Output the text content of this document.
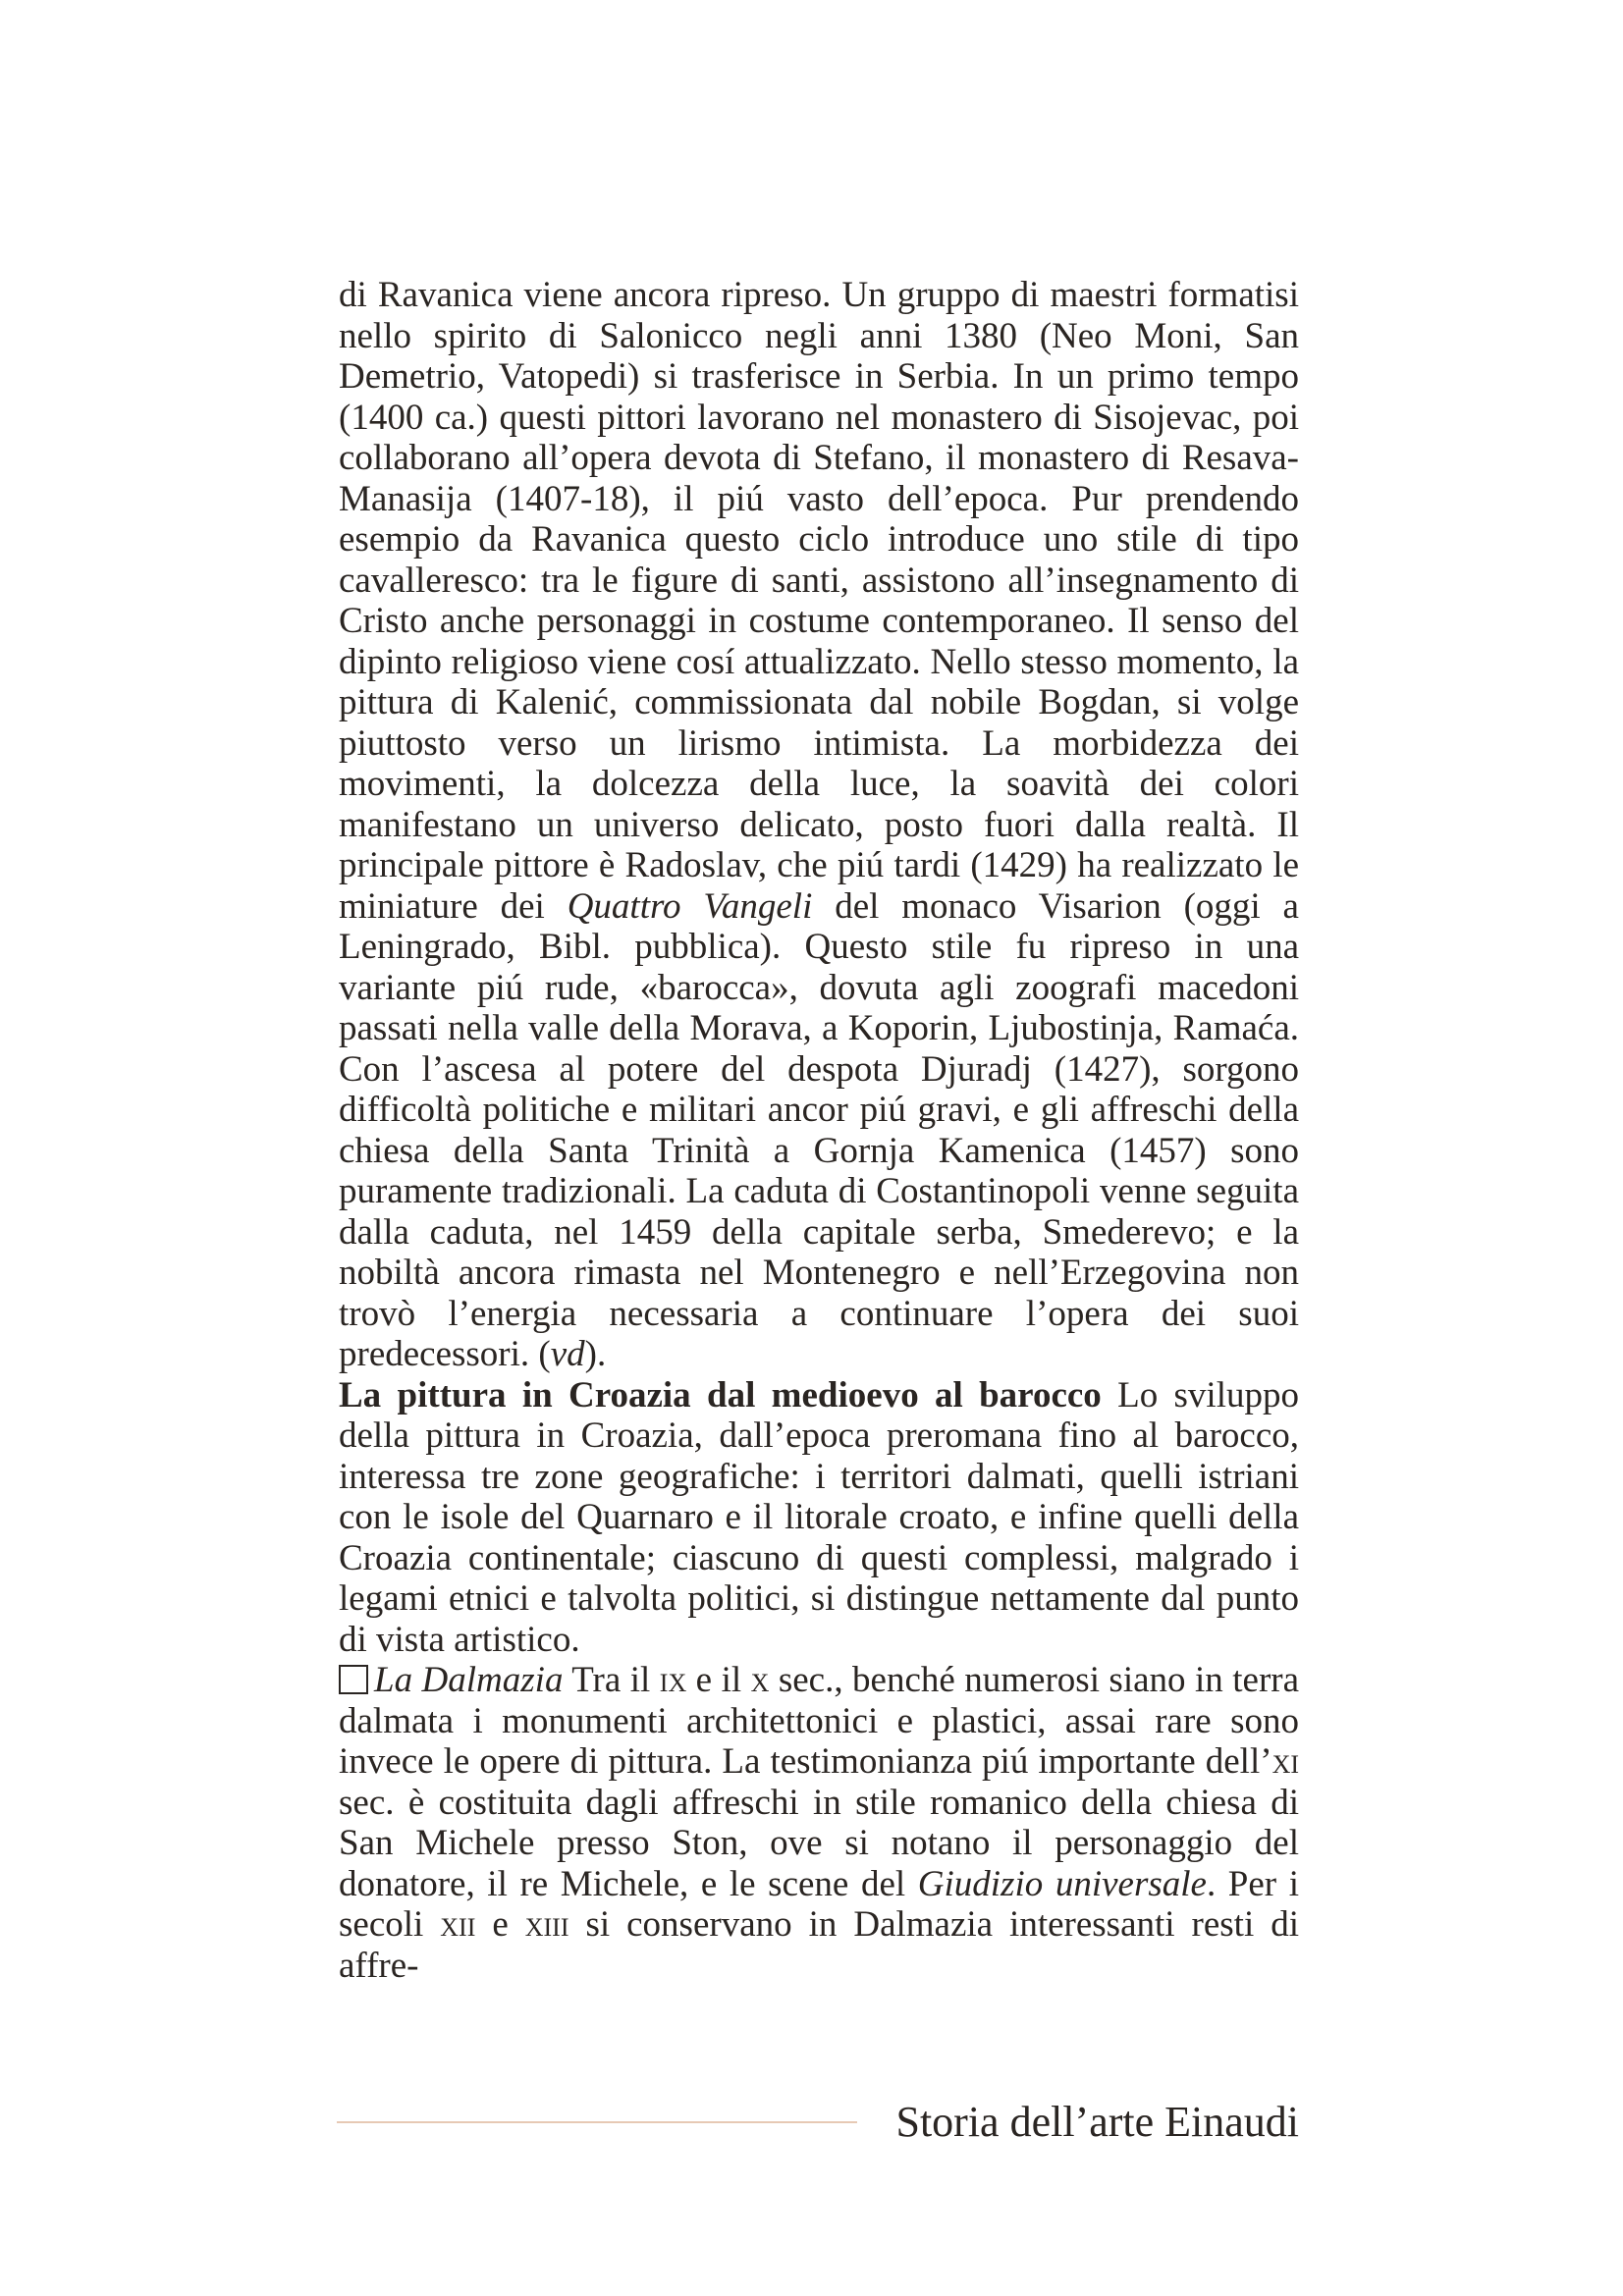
di Ravanica viene ancora ripreso. Un gruppo di maestri formatisi nello spirito di Salonicco negli anni 1380 (Neo Moni, San Demetrio, Vatopedi) si trasferisce in Serbia. In un primo tempo (1400 ca.) questi pittori lavorano nel monastero di Sisojevac, poi collaborano all’opera devota di Stefano, il monastero di Resava-Manasija (1407-18), il piú vasto dell’epoca. Pur prendendo esempio da Ravanica questo ciclo introduce uno stile di tipo cavalleresco: tra le figure di santi, assistono all’insegnamento di Cristo anche personaggi in costume contemporaneo. Il senso del dipinto religioso viene cosí attualizzato. Nello stesso momento, la pittura di Kalenić, commissionata dal nobile Bogdan, si volge piuttosto verso un lirismo intimista. La morbidezza dei movimenti, la dolcezza della luce, la soavità dei colori manifestano un universo delicato, posto fuori dalla realtà. Il principale pittore è Radoslav, che piú tardi (1429) ha realizzato le miniature dei Quattro Vangeli del monaco Visarion (oggi a Leningrado, Bibl. pubblica). Questo stile fu ripreso in una variante piú rude, «barocca», dovuta agli zoografi macedoni passati nella valle della Morava, a Koporin, Ljubostinja, Ramaća. Con l’ascesa al potere del despota Djuradj (1427), sorgono difficoltà politiche e militari ancor piú gravi, e gli affreschi della chiesa della Santa Trinità a Gornja Kamenica (1457) sono puramente tradizionali. La caduta di Costantinopoli venne seguita dalla caduta, nel 1459 della capitale serba, Smederevo; e la nobiltà ancora rimasta nel Montenegro e nell’Erzegovina non trovò l’energia necessaria a continuare l’opera dei suoi predecessori. (vd).

La pittura in Croazia dal medioevo al barocco Lo sviluppo della pittura in Croazia, dall’epoca preromana fino al barocco, interessa tre zone geografiche: i territori dalmati, quelli istriani con le isole del Quarnaro e il litorale croato, e infine quelli della Croazia continentale; ciascuno di questi complessi, malgrado i legami etnici e talvolta politici, si distingue nettamente dal punto di vista artistico.

La Dalmazia Tra il ix e il x sec., benché numerosi siano in terra dalmata i monumenti architettonici e plastici, assai rare sono invece le opere di pittura. La testimonianza piú importante dell’xi sec. è costituita dagli affreschi in stile romanico della chiesa di San Michele presso Ston, ove si notano il personaggio del donatore, il re Michele, e le scene del Giudizio universale. Per i secoli xii e xiii si conservano in Dalmazia interessanti resti di affre-

Storia dell’arte Einaudi
